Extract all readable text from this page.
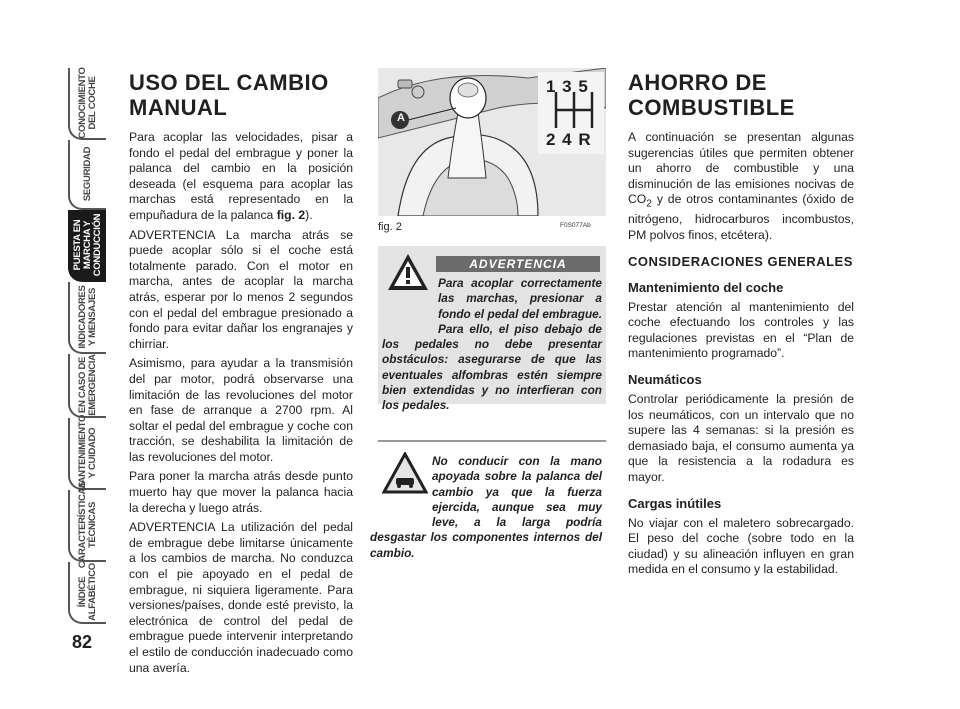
CONOCIMIENTO
DEL COCHE
SEGURIDAD
PUESTA EN
MARCHA Y
CONDUCCIÓN
INDICADORES
Y MENSAJES
EN CASO DE
EMERGENCIA
MANTENIMIENTO
Y CUIDADO
CARACTERÍSTICAS
TÉCNICAS
ÍNDICE
ALFABÉTICO
82
USO DEL CAMBIO MANUAL

Para acoplar las velocidades, pisar a fondo el pedal del embrague y poner la palanca del cambio en la posición deseada (el esquema para acoplar las marchas está representado en la empuñadura de la palanca fig. 2).

ADVERTENCIA La marcha atrás se puede acoplar sólo si el coche está totalmente parado. Con el motor en marcha, antes de acoplar la marcha atrás, esperar por lo menos 2 segundos con el pedal del embrague presionado a fondo para evitar dañar los engranajes y chirriar.

Asimismo, para ayudar a la transmisión del par motor, podrá observarse una limitación de las revoluciones del motor en fase de arranque a 2700 rpm. Al soltar el pedal del embrague y coche con tracción, se deshabilita la limitación de las revoluciones del motor.

Para poner la marcha atrás desde punto muerto hay que mover la palanca hacia la derecha y luego atrás.

ADVERTENCIA La utilización del pedal de embrague debe limitarse únicamente a los cambios de marcha. No conduzca con el pie apoyado en el pedal de embrague, ni siquiera ligeramente. Para versiones/países, donde esté previsto, la electrónica de control del pedal de embrague puede intervenir interpretando el estilo de conducción inadecuado como una avería.

1 3 5
2 4 R
A
fig. 2	F0S077Ab
ADVERTENCIA
Para acoplar correctamente las marchas, presionar a fondo el pedal del embrague. Para ello, el piso debajo de los pedales no debe presentar obstáculos: asegurarse de que las eventuales alfombras estén siempre bien extendidas y no interfieran con los pedales.
No conducir con la mano apoyada sobre la palanca del cambio ya que la fuerza ejercida, aunque sea muy leve, a la larga podría desgastar los componentes internos del cambio.
AHORRO DE COMBUSTIBLE

A continuación se presentan algunas sugerencias útiles que permiten obtener un ahorro de combustible y una disminución de las emisiones nocivas de $CO_2$ y de otros contaminantes (óxido de nitrógeno, hidrocarburos incombustos, PM polvos finos, etcétera).

CONSIDERACIONES GENERALES
Mantenimiento del coche

Prestar atención al mantenimiento del coche efectuando los controles y las regulaciones previstas en el “Plan de mantenimiento programado”.

Neumáticos

Controlar periódicamente la presión de los neumáticos, con un intervalo que no supere las 4 semanas: si la presión es demasiado baja, el consumo aumenta ya que la resistencia a la rodadura es mayor.

Cargas inútiles

No viajar con el maletero sobrecargado. El peso del coche (sobre todo en la ciudad) y su alineación influyen en gran medida en el consumo y la estabilidad.
